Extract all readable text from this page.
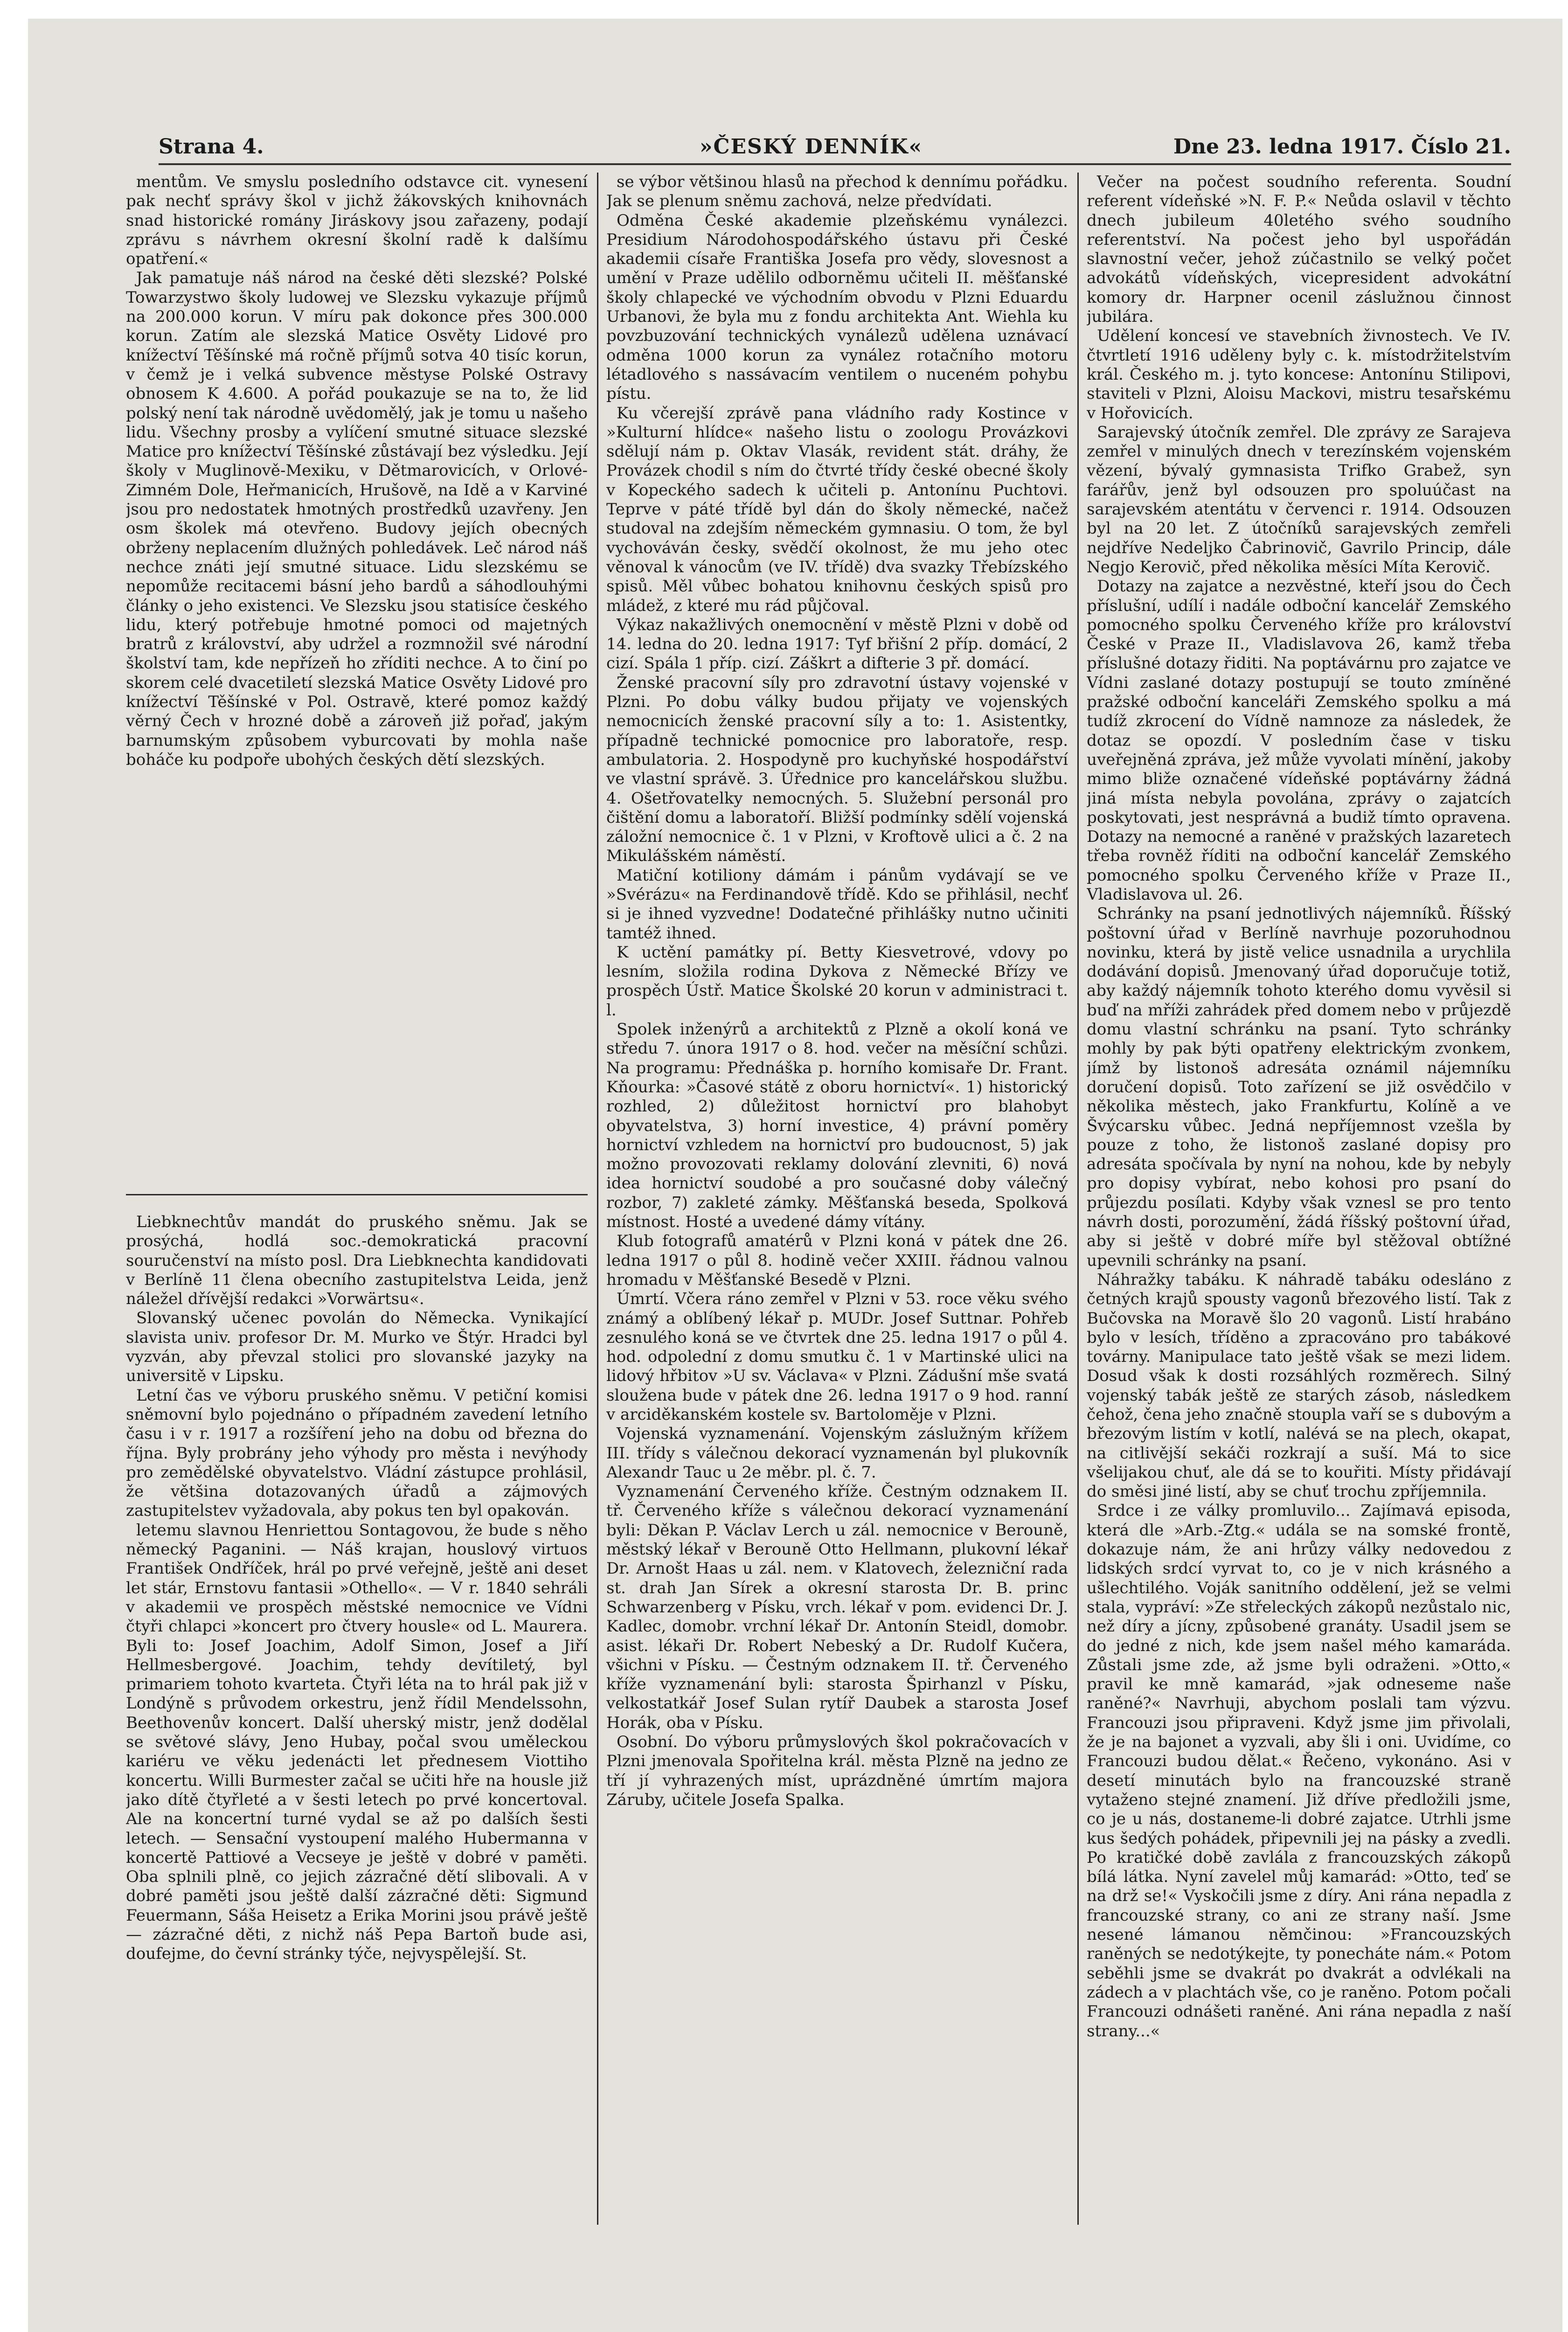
Strana 4.	»ČESKÝ DENNÍK«	Dne 23. ledna 1917. Číslo 21.

mentům. Ve smyslu posledního odstavce cit. vynesení pak nechť správy škol v jichž žákovských knihovnách snad historické romány Jiráskovy jsou zařazeny, podají zprávu s návrhem okresní školní radě k dalšímu opatření.«

Jak pamatuje náš národ na české děti slezské? Polské Towarzystwo školy ludowej ve Slezsku vykazuje příjmů na 200.000 korun. V míru pak dokonce přes 300.000 korun. Zatím ale slezská Matice Osvěty Lidové pro knížectví Těšínské má ročně příjmů sotva 40 tisíc korun, v čemž je i velká subvence městyse Polské Ostravy obnosem K 4.600. A pořád poukazuje se na to, že lid polský není tak národně uvědomělý, jak je tomu u našeho lidu. Všechny prosby a vylíčení smutné situace slezské Matice pro knížectví Těšínské zůstávají bez výsledku. Její školy v Muglinově-Mexiku, v Dětmarovicích, v Orlové-Zimném Dole, Heřmanicích, Hrušově, na Idě a v Karviné jsou pro nedostatek hmotných prostředků uzavřeny. Jen osm školek má otevřeno. Budovy jejích obecných obrženy neplacením dlužných pohledávek. Leč národ náš nechce znáti její smutné situace. Lidu slezskému se nepomůže recitacemi básní jeho bardů a sáhodlouhými články o jeho existenci. Ve Slezsku jsou statisíce českého lidu, který potřebuje hmotné pomoci od majetných bratrů z království, aby udržel a rozmnožil své národní školství tam, kde nepřízeň ho zříditi nechce. A to činí po skorem celé dvacetiletí slezská Matice Osvěty Lidové pro knížectví Těšínské v Pol. Ostravě, které pomoz každý věrný Čech v hrozné době a zároveň již pořaď, jakým barnumským způsobem vyburcovati by mohla naše boháče ku podpoře ubohých českých dětí slezských.

Liebknechtův mandát do pruského sněmu. Jak se prosýchá, hodlá soc.-demokratická pracovní souručenství na místo posl. Dra Liebknechta kandidovati v Berlíně 11 člena obecního zastupitelstva Leida, jenž náležel dřívější redakci »Vorwärtsu«.

Slovanský učenec povolán do Německa. Vynikající slavista univ. profesor Dr. M. Murko ve Štýr. Hradci byl vyzván, aby převzal stolici pro slovanské jazyky na universitě v Lipsku.

Letní čas ve výboru pruského sněmu. V petiční komisi sněmovní bylo pojednáno o případném zavedení letního času i v r. 1917 a rozšíření jeho na dobu od března do října. Byly probrány jeho výhody pro města i nevýhody pro zemědělské obyvatelstvo. Vládní zástupce prohlásil, že většina dotazovaných úřadů a zájmových zastupitelstev vyžadovala, aby pokus ten byl opakován.

letemu slavnou Henriettou Sontagovou, že bude s něho německý Paganini. — Náš krajan, houslový virtuos František Ondříček, hrál po prvé veřejně, ještě ani deset let stár, Ernstovu fantasii »Othello«. — V r. 1840 sehráli v akademii ve prospěch městské nemocnice ve Vídni čtyři chlapci »koncert pro čtvery housle« od L. Maurera. Byli to: Josef Joachim, Adolf Simon, Josef a Jiří Hellmesbergové. Joachim, tehdy devítiletý, byl primariem tohoto kvarteta. Čtyři léta na to hrál pak již v Londýně s průvodem orkestru, jenž řídil Mendelssohn, Beethovenův koncert. Další uherský mistr, jenž dodělal se světové slávy, Jeno Hubay, počal svou uměleckou kariéru ve věku jedenácti let přednesem Viottiho koncertu. Willi Burmester začal se učiti hře na housle již jako dítě čtyřleté a v šesti letech po prvé koncertoval. Ale na koncertní turné vydal se až po dalších šesti letech. — Sensační vystoupení malého Hubermanna v koncertě Pattiové a Vecseye je ještě v dobré v paměti. Oba splnili plně, co jejich zázračné dětí slibovali. A v dobré paměti jsou ještě další zázračné děti: Sigmund Feuermann, Sáša Heisetz a Erika Morini jsou právě ještě — zázračné děti, z nichž náš Pepa Bartoň bude asi, doufejme, do čevní stránky týče, nejvyspělejší. St.

se výbor většinou hlasů na přechod k dennímu pořádku. Jak se plenum sněmu zachová, nelze předvídati.

Odměna České akademie plzeňskému vynálezci. Presidium Národohospodářského ústavu při České akademii císaře Františka Josefa pro vědy, slovesnost a umění v Praze udělilo odborněmu učiteli II. měšťanské školy chlapecké ve východním obvodu v Plzni Eduardu Urbanovi, že byla mu z fondu architekta Ant. Wiehla ku povzbuzování technických vynálezů udělena uznávací odměna 1000 korun za vynález rotačního motoru létadlového s nassávacím ventilem o nuceném pohybu pístu.

Ku včerejší zprávě pana vládního rady Kostince v »Kulturní hlídce« našeho listu o zoologu Provázkovi sdělují nám p. Oktav Vlasák, revident stát. dráhy, že Provázek chodil s ním do čtvrté třídy české obecné školy v Kopeckého sadech k učiteli p. Antonínu Puchtovi. Teprve v páté třídě byl dán do školy německé, načež studoval na zdejším německém gymnasiu. O tom, že byl vychováván česky, svědčí okolnost, že mu jeho otec věnoval k vánocům (ve IV. třídě) dva svazky Třebízského spisů. Měl vůbec bohatou knihovnu českých spisů pro mládež, z které mu rád půjčoval.

Výkaz nakažlivých onemocnění v městě Plzni v době od 14. ledna do 20. ledna 1917: Tyf břišní 2 příp. domácí, 2 cizí. Spála 1 příp. cizí. Záškrt a difterie 3 př. domácí.

Ženské pracovní síly pro zdravotní ústavy vojenské v Plzni. Po dobu války budou přijaty ve vojenských nemocnicích ženské pracovní síly a to: 1. Asistentky, případně technické pomocnice pro laboratoře, resp. ambulatoria. 2. Hospodyně pro kuchyňské hospodářství ve vlastní správě. 3. Úřednice pro kancelářskou službu. 4. Ošetřovatelky nemocných. 5. Služební personál pro čištění domu a laboratoří. Bližší podmínky sdělí vojenská záložní nemocnice č. 1 v Plzni, v Kroftově ulici a č. 2 na Mikulášském náměstí.

Matiční kotiliony dámám i pánům vydávají se ve »Svérázu« na Ferdinandově třídě. Kdo se přihlásil, nechť si je ihned vyzvedne! Dodatečné přihlášky nutno učiniti tamtéž ihned.

K uctění památky pí. Betty Kiesvetrové, vdovy po lesním, složila rodina Dykova z Německé Břízy ve prospěch Ústř. Matice Školské 20 korun v administraci t. l.

Spolek inženýrů a architektů z Plzně a okolí koná ve středu 7. února 1917 o 8. hod. večer na měsíční schůzi. Na programu: Přednáška p. horního komisaře Dr. Frant. Kňourka: »Časové státě z oboru hornictví«. 1) historický rozhled, 2) důležitost hornictví pro blahobyt obyvatelstva, 3) horní investice, 4) právní poměry hornictví vzhledem na hornictví pro budoucnost, 5) jak možno provozovati reklamy dolování zlevniti, 6) nová idea hornictví soudobé a pro současné doby válečný rozbor, 7) zakleté zámky. Měšťanská beseda, Spolková místnost. Hosté a uvedené dámy vítány.

Klub fotografů amatérů v Plzni koná v pátek dne 26. ledna 1917 o půl 8. hodině večer XXIII. řádnou valnou hromadu v Měšťanské Besedě v Plzni.

Úmrtí. Včera ráno zemřel v Plzni v 53. roce věku svého známý a oblíbený lékař p. MUDr. Josef Suttnar. Pohřeb zesnulého koná se ve čtvrtek dne 25. ledna 1917 o půl 4. hod. odpolední z domu smutku č. 1 v Martinské ulici na lidový hřbitov »U sv. Václava« v Plzni. Zádušní mše svatá sloužena bude v pátek dne 26. ledna 1917 o 9 hod. ranní v arciděkanském kostele sv. Bartoloměje v Plzni.

Vojenská vyznamenání. Vojenským záslužným křížem III. třídy s válečnou dekorací vyznamenán byl plukovník Alexandr Tauc u 2e měbr. pl. č. 7.

Vyznamenání Červeného kříže. Čestným odznakem II. tř. Červeného kříže s válečnou dekorací vyznamenání byli: Děkan P. Václav Lerch u zál. nemocnice v Berouně, městský lékař v Berouně Otto Hellmann, plukovní lékař Dr. Arnošt Haas u zál. nem. v Klatovech, železniční rada st. drah Jan Sírek a okresní starosta Dr. B. princ Schwarzenberg v Písku, vrch. lékař v pom. evidenci Dr. J. Kadlec, domobr. vrchní lékař Dr. Antonín Steidl, domobr. asist. lékaři Dr. Robert Nebeský a Dr. Rudolf Kučera, všichni v Písku. — Čestným odznakem II. tř. Červeného kříže vyznamenání byli: starosta Špirhanzl v Písku, velkostatkář Josef Sulan rytíř Daubek a starosta Josef Horák, oba v Písku.

Osobní. Do výboru průmyslových škol pokračovacích v Plzni jmenovala Spořitelna král. města Plzně na jedno ze tří jí vyhrazených míst, uprázdněné úmrtím majora Záruby, učitele Josefa Spalka.

Večer na počest soudního referenta. Soudní referent vídeňské »N. F. P.« Neůda oslavil v těchto dnech jubileum 40letého svého soudního referentství. Na počest jeho byl uspořádán slavnostní večer, jehož zúčastnilo se velký počet advokátů vídeňských, vicepresident advokátní komory dr. Harpner ocenil záslužnou činnost jubilára.

Udělení koncesí ve stavebních živnostech. Ve IV. čtvrtletí 1916 uděleny byly c. k. místodržitelstvím král. Českého m. j. tyto koncese: Antonínu Stilipovi, staviteli v Plzni, Aloisu Mackovi, mistru tesařskému v Hořovicích.

Sarajevský útočník zemřel. Dle zprávy ze Sarajeva zemřel v minulých dnech v terezínském vojenském vězení, bývalý gymnasista Trifko Grabež, syn farářův, jenž byl odsouzen pro spoluúčast na sarajevském atentátu v červenci r. 1914. Odsouzen byl na 20 let. Z útočníků sarajevských zemřeli nejdříve Nedeljko Čabrinovič, Gavrilo Princip, dále Negjo Kerovič, před několika měsíci Míta Kerovič.

Dotazy na zajatce a nezvěstné, kteří jsou do Čech příslušní, udílí i nadále odboční kancelář Zemského pomocného spolku Červeného kříže pro království České v Praze II., Vladislavova 26, kamž třeba příslušné dotazy řiditi. Na poptávárnu pro zajatce ve Vídni zaslané dotazy postupují se touto zmíněné pražské odboční kanceláři Zemského spolku a má tudíž zkrocení do Vídně namnoze za následek, že dotaz se opozdí. V posledním čase v tisku uveřejněná zpráva, jež může vyvolati mínění, jakoby mimo bliže označené vídeňské poptávárny žádná jiná místa nebyla povolána, zprávy o zajatcích poskytovati, jest nesprávná a budiž tímto opravena. Dotazy na nemocné a raněné v pražských lazaretech třeba rovněž říditi na odboční kancelář Zemského pomocného spolku Červeného kříže v Praze II., Vladislavova ul. 26.

Schránky na psaní jednotlivých nájemníků. Říšský poštovní úřad v Berlíně navrhuje pozoruhodnou novinku, která by jistě velice usnadnila a urychlila dodávání dopisů. Jmenovaný úřad doporučuje totiž, aby každý nájemník tohoto kterého domu vyvěsil si buď na mříži zahrádek před domem nebo v průjezdě domu vlastní schránku na psaní. Tyto schránky mohly by pak býti opatřeny elektrickým zvonkem, jímž by listonoš adresáta oznámil nájemníku doručení dopisů. Toto zařízení se již osvědčilo v několika městech, jako Frankfurtu, Kolíně a ve Švýcarsku vůbec. Jedná nepříjemnost vzešla by pouze z toho, že listonoš zaslané dopisy pro adresáta spočívala by nyní na nohou, kde by nebyly pro dopisy vybírat, nebo kohosi pro psaní do průjezdu posílati. Kdyby však vznesl se pro tento návrh dosti, porozumění, žádá říšský poštovní úřad, aby si ještě v dobré míře byl stěžoval obtížné upevnili schránky na psaní.

Náhražky tabáku. K náhradě tabáku odesláno z četných krajů spousty vagonů březového listí. Tak z Bučovska na Moravě šlo 20 vagonů. Listí hrabáno bylo v lesích, tříděno a zpracováno pro tabákové továrny. Manipulace tato ještě však se mezi lidem. Dosud však k dosti rozsáhlých rozměrech. Silný vojenský tabák ještě ze starých zásob, následkem čehož, čena jeho značně stoupla vaří se s dubovým a březovým listím v kotlí, nalévá se na plech, okapat, na citlivější sekáči rozkrají a suší. Má to sice všelijakou chuť, ale dá se to kouřiti. Místy přidávají do směsi jiné listí, aby se chuť trochu zpříjemnila.

Srdce i ze války promluvilo... Zajímavá episoda, která dle »Arb.-Ztg.« udála se na somské frontě, dokazuje nám, že ani hrůzy války nedovedou z lidských srdcí vyrvat to, co je v nich krásného a ušlechtilého. Voják sanitního oddělení, jež se velmi stala, vypráví: »Ze střeleckých zákopů nezůstalo nic, než díry a jícny, způsobené granáty. Usadil jsem se do jedné z nich, kde jsem našel mého kamaráda. Zůstali jsme zde, až jsme byli odraženi. »Otto,« pravil ke mně kamarád, »jak odneseme naše raněné?« Navrhuji, abychom poslali tam výzvu. Francouzi jsou připraveni. Když jsme jim přivolali, že je na bajonet a vyzvali, aby šli i oni. Uvidíme, co Francouzi budou dělat.« Řečeno, vykonáno. Asi v desetí minutách bylo na francouzské straně vytaženo stejné znamení. Již dříve předložili jsme, co je u nás, dostaneme-li dobré zajatce. Utrhli jsme kus šedých pohádek, připevnili jej na pásky a zvedli. Po kratičké době zavlála z francouzských zákopů bílá látka. Nyní zavelel můj kamarád: »Otto, teď se na drž se!« Vyskočili jsme z díry. Ani rána nepadla z francouzské strany, co ani ze strany naší. Jsme nesené lámanou němčinou: »Francouzských raněných se nedotýkejte, ty ponecháte nám.« Potom seběhli jsme se dvakrát po dvakrát a odvlékali na zádech a v plachtách vše, co je raněno. Potom počali Francouzi odnášeti raněné. Ani rána nepadla z naší strany...«
